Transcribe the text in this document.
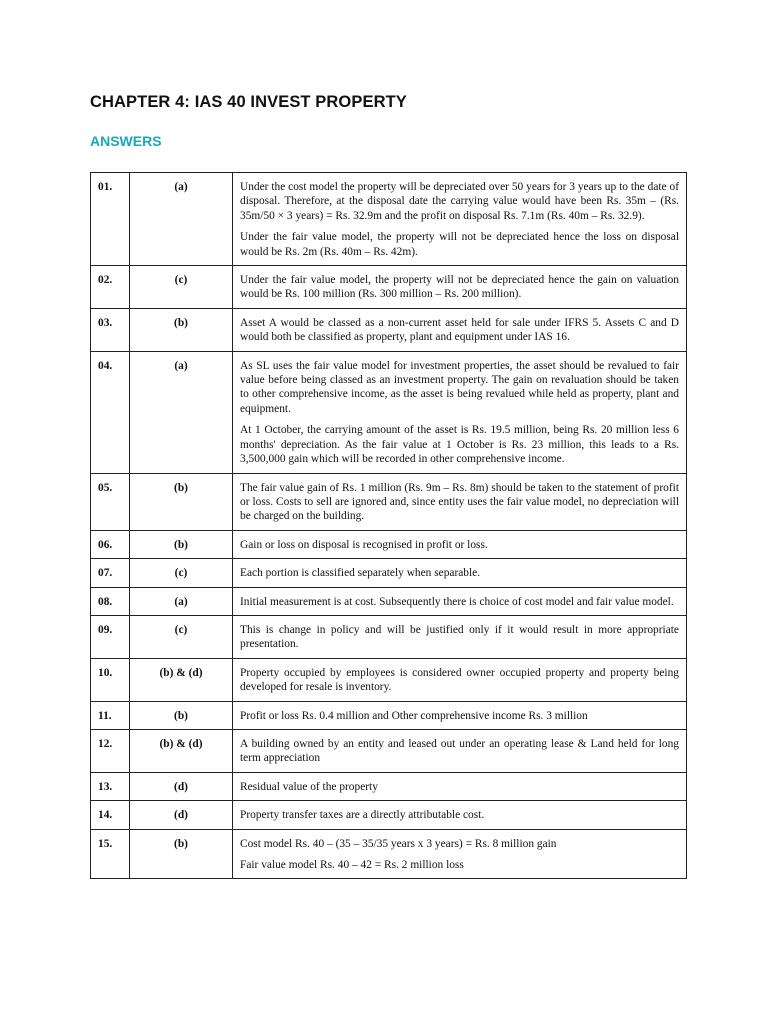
CHAPTER 4: IAS 40 INVEST PROPERTY
ANSWERS
01.	(a)	Under the cost model the property will be depreciated over 50 years for 3 years up to the date of disposal. Therefore, at the disposal date the carrying value would have been Rs. 35m – (Rs. 35m/50 × 3 years) = Rs. 32.9m and the profit on disposal Rs. 7.1m (Rs. 40m – Rs. 32.9).

Under the fair value model, the property will not be depreciated hence the loss on disposal would be Rs. 2m (Rs. 40m – Rs. 42m).

02.	(c)	Under the fair value model, the property will not be depreciated hence the gain on valuation would be Rs. 100 million (Rs. 300 million – Rs. 200 million).

03.	(b)	Asset A would be classed as a non-current asset held for sale under IFRS 5. Assets C and D would both be classified as property, plant and equipment under IAS 16.

04.	(a)	As SL uses the fair value model for investment properties, the asset should be revalued to fair value before being classed as an investment property. The gain on revaluation should be taken to other comprehensive income, as the asset is being revalued while held as property, plant and equipment.

At 1 October, the carrying amount of the asset is Rs. 19.5 million, being Rs. 20 million less 6 months' depreciation. As the fair value at 1 October is Rs. 23 million, this leads to a Rs. 3,500,000 gain which will be recorded in other comprehensive income.

05.	(b)	The fair value gain of Rs. 1 million (Rs. 9m – Rs. 8m) should be taken to the statement of profit or loss. Costs to sell are ignored and, since entity uses the fair value model, no depreciation will be charged on the building.

06.	(b)	Gain or loss on disposal is recognised in profit or loss.

07.	(c)	Each portion is classified separately when separable.

08.	(a)	Initial measurement is at cost. Subsequently there is choice of cost model and fair value model.

09.	(c)	This is change in policy and will be justified only if it would result in more appropriate presentation.

10.	(b) & (d)	Property occupied by employees is considered owner occupied property and property being developed for resale is inventory.

11.	(b)	Profit or loss Rs. 0.4 million and Other comprehensive income Rs. 3 million

12.	(b) & (d)	A building owned by an entity and leased out under an operating lease & Land held for long term appreciation

13.	(d)	Residual value of the property

14.	(d)	Property transfer taxes are a directly attributable cost.

15.	(b)	Cost model Rs. 40 – (35 – 35/35 years x 3 years) = Rs. 8 million gain

Fair value model Rs. 40 – 42 = Rs. 2 million loss
